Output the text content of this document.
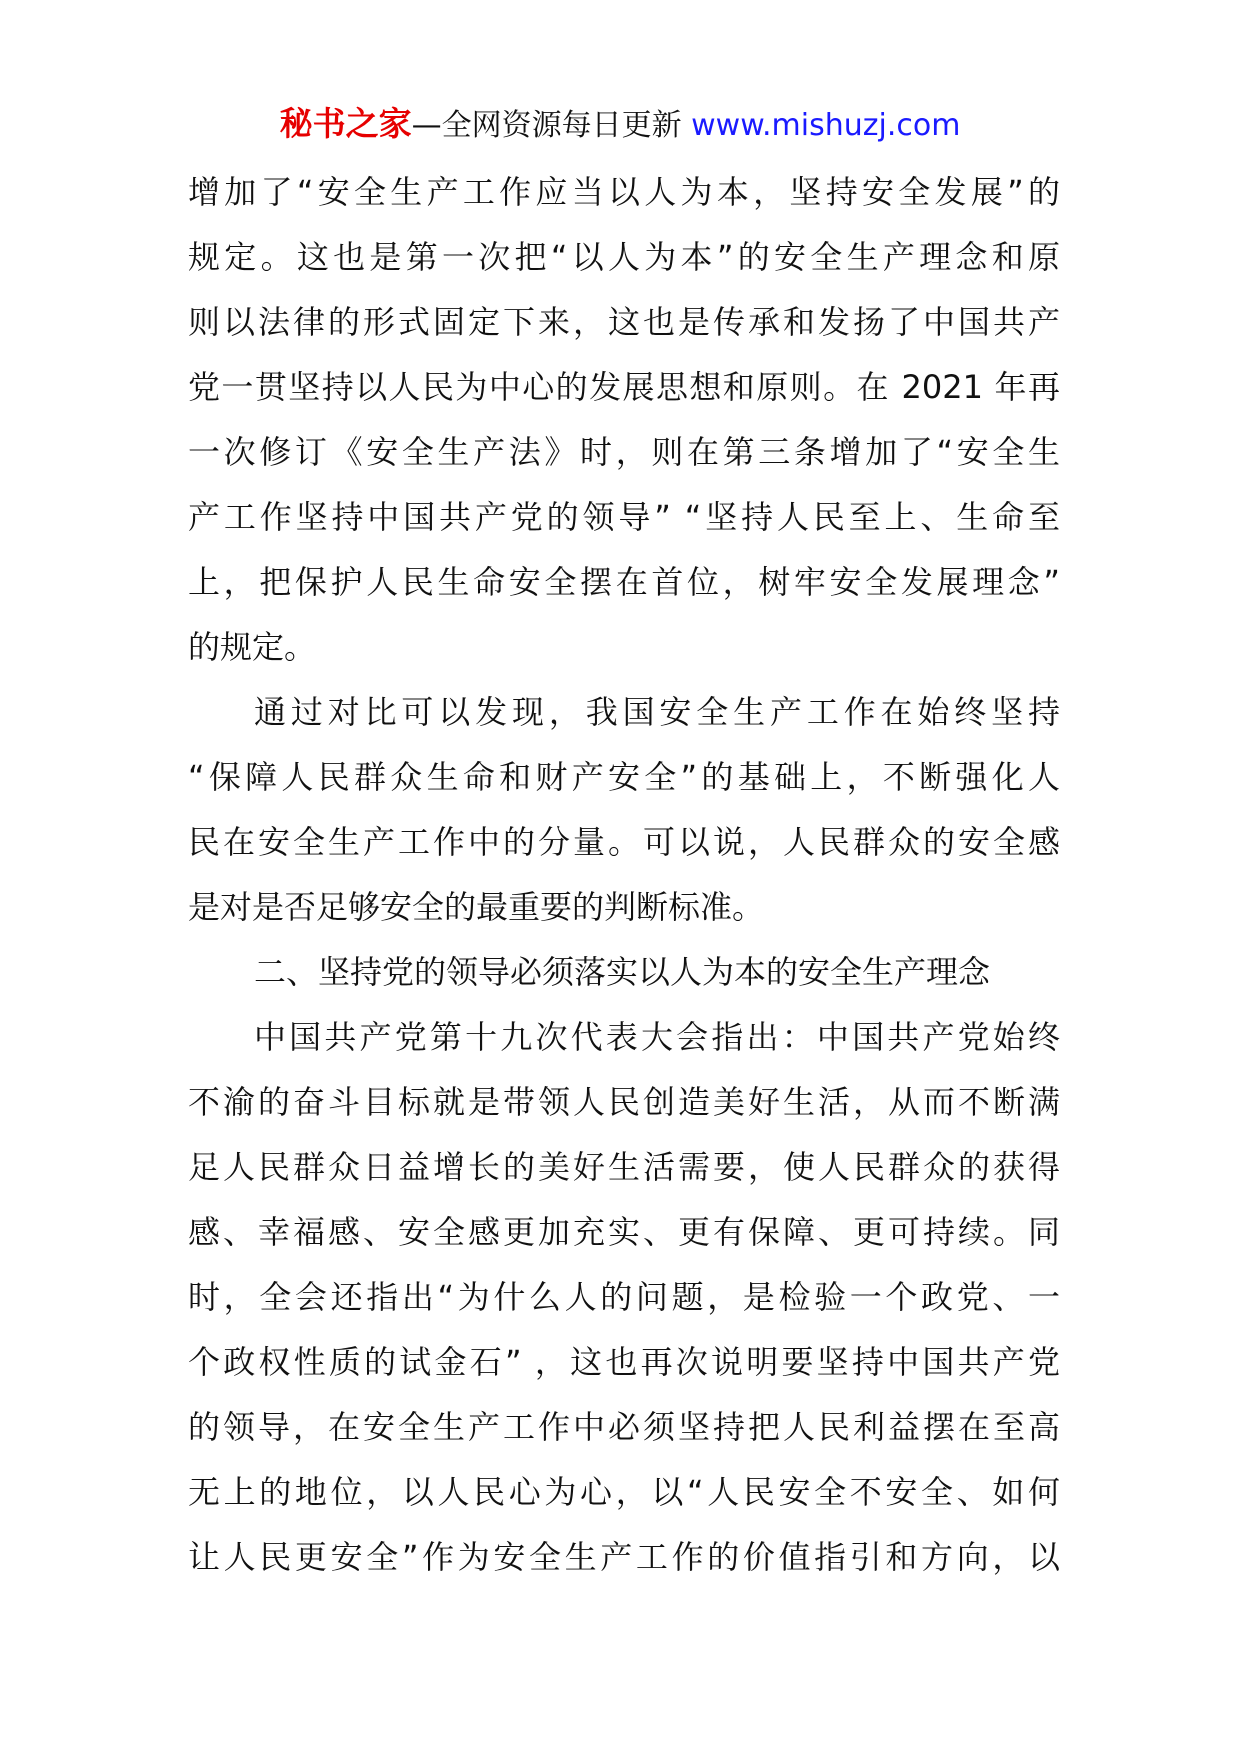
秘书之家—全网资源每日更新 www.mishuzj.com
增加了“安全生产工作应当以人为本，坚持安全发展”的
规定。这也是第一次把“以人为本”的安全生产理念和原
则以法律的形式固定下来，这也是传承和发扬了中国共产
党一贯坚持以人民为中心的发展思想和原则。在 2021 年再
一次修订《安全生产法》时，则在第三条增加了“安全生
产工作坚持中国共产党的领导” “坚持人民至上、生命至
上，把保护人民生命安全摆在首位，树牢安全发展理念”
的规定。
通过对比可以发现，我国安全生产工作在始终坚持
“保障人民群众生命和财产安全”的基础上，不断强化人
民在安全生产工作中的分量。可以说，人民群众的安全感
是对是否足够安全的最重要的判断标准。
二、坚持党的领导必须落实以人为本的安全生产理念
中国共产党第十九次代表大会指出：中国共产党始终
不渝的奋斗目标就是带领人民创造美好生活，从而不断满
足人民群众日益增长的美好生活需要，使人民群众的获得
感、幸福感、安全感更加充实、更有保障、更可持续。同
时，全会还指出“为什么人的问题，是检验一个政党、一
个政权性质的试金石” ，这也再次说明要坚持中国共产党
的领导，在安全生产工作中必须坚持把人民利益摆在至高
无上的地位，以人民心为心，以“人民安全不安全、如何
让人民更安全”作为安全生产工作的价值指引和方向，以
